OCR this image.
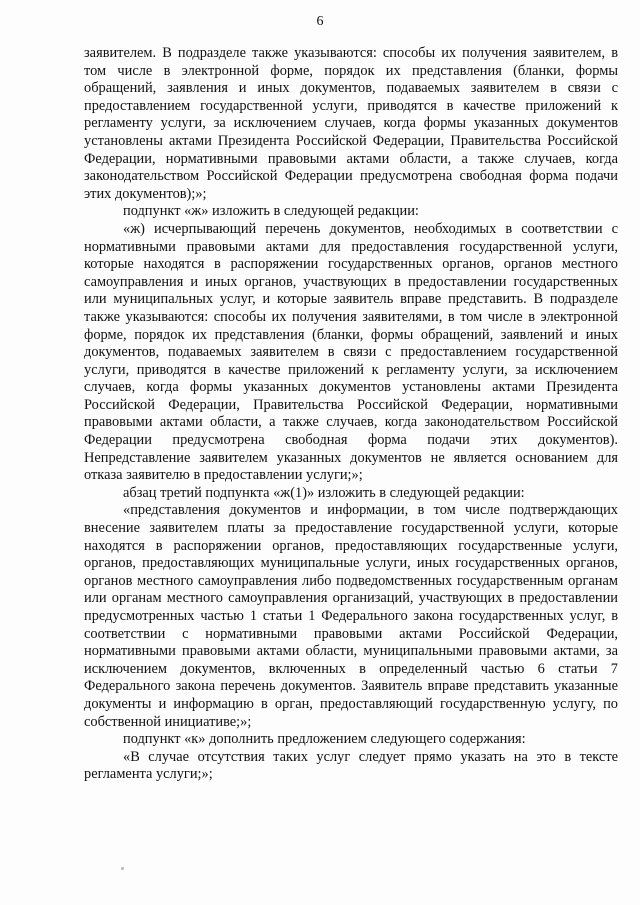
6

заявителем. В подразделе также указываются: способы их получения заявителем, в том числе в электронной форме, порядок их представления (бланки, формы обращений, заявления и иных документов, подаваемых заявителем в связи с предоставлением государственной услуги, приводятся в качестве приложений к регламенту услуги, за исключением случаев, когда формы указанных документов установлены актами Президента Российской Федерации, Правительства Российской Федерации, нормативными правовыми актами области, а также случаев, когда законодательством Российской Федерации предусмотрена свободная форма подачи этих документов);»;

подпункт «ж» изложить в следующей редакции:

«ж) исчерпывающий перечень документов, необходимых в соответствии с нормативными правовыми актами для предоставления государственной услуги, которые находятся в распоряжении государственных органов, органов местного самоуправления и иных органов, участвующих в предоставлении государственных или муниципальных услуг, и которые заявитель вправе представить. В подразделе также указываются: способы их получения заявителями, в том числе в электронной форме, порядок их представления (бланки, формы обращений, заявлений и иных документов, подаваемых заявителем в связи с предоставлением государственной услуги, приводятся в качестве приложений к регламенту услуги, за исключением случаев, когда формы указанных документов установлены актами Президента Российской Федерации, Правительства Российской Федерации, нормативными правовыми актами области, а также случаев, когда законодательством Российской Федерации предусмотрена свободная форма подачи этих документов). Непредставление заявителем указанных документов не является основанием для отказа заявителю в предоставлении услуги;»;

абзац третий подпункта «ж(1)» изложить в следующей редакции:

«представления документов и информации, в том числе подтверждающих внесение заявителем платы за предоставление государственной услуги, которые находятся в распоряжении органов, предоставляющих государственные услуги, органов, предоставляющих муниципальные услуги, иных государственных органов, органов местного самоуправления либо подведомственных государственным органам или органам местного самоуправления организаций, участвующих в предоставлении предусмотренных частью 1 статьи 1 Федерального закона государственных услуг, в соответствии с нормативными правовыми актами Российской Федерации, нормативными правовыми актами области, муниципальными правовыми актами, за исключением документов, включенных в определенный частью 6 статьи 7 Федерального закона перечень документов. Заявитель вправе представить указанные документы и информацию в орган, предоставляющий государственную услугу, по собственной инициативе;»;

подпункт «к» дополнить предложением следующего содержания:

«В случае отсутствия таких услуг следует прямо указать на это в тексте регламента услуги;»;
